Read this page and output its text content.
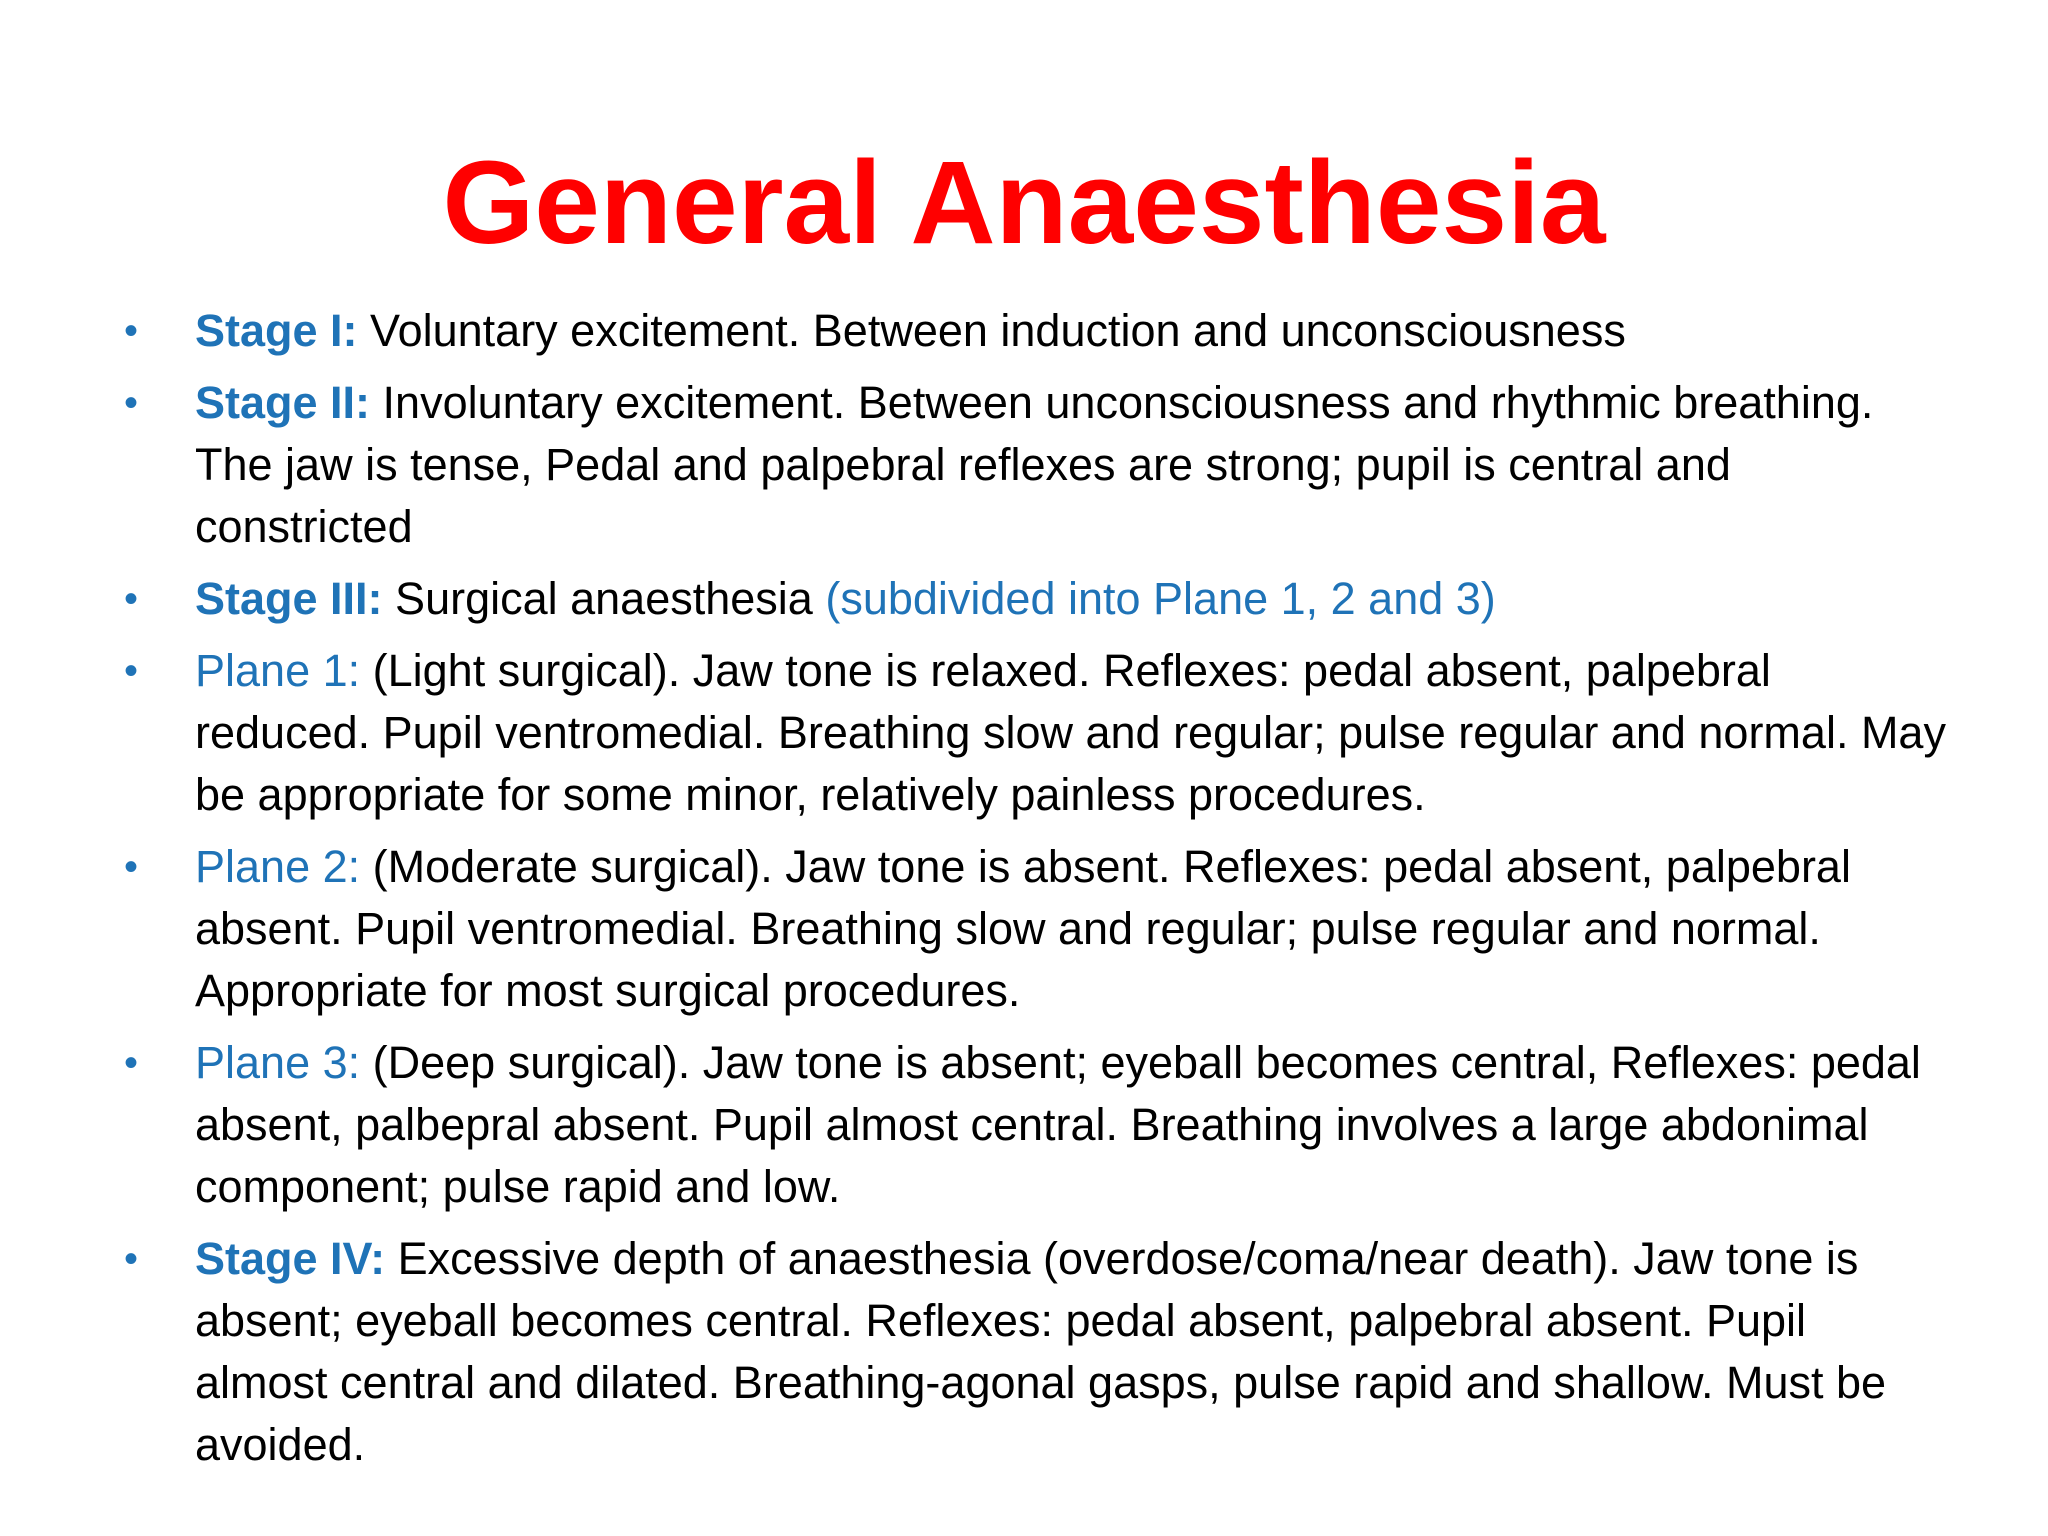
General Anaesthesia
• Stage I: Voluntary excitement. Between induction and unconsciousness
• Stage II: Involuntary excitement. Between unconsciousness and rhythmic breathing. The jaw is tense, Pedal and palpebral reflexes are strong; pupil is central and constricted
• Stage III: Surgical anaesthesia (subdivided into Plane 1, 2 and 3)
• Plane 1: (Light surgical). Jaw tone is relaxed. Reflexes: pedal absent, palpebral reduced. Pupil ventromedial. Breathing slow and regular; pulse regular and normal. May be appropriate for some minor, relatively painless procedures.
• Plane 2: (Moderate surgical). Jaw tone is absent. Reflexes: pedal absent, palpebral absent. Pupil ventromedial. Breathing slow and regular; pulse regular and normal. Appropriate for most surgical procedures.
• Plane 3: (Deep surgical). Jaw tone is absent; eyeball becomes central, Reflexes: pedal absent, palbepral absent. Pupil almost central. Breathing involves a large abdonimal component; pulse rapid and low.
• Stage IV: Excessive depth of anaesthesia (overdose/coma/near death). Jaw tone is absent; eyeball becomes central. Reflexes: pedal absent, palpebral absent. Pupil almost central and dilated. Breathing-agonal gasps, pulse rapid and shallow. Must be avoided.
